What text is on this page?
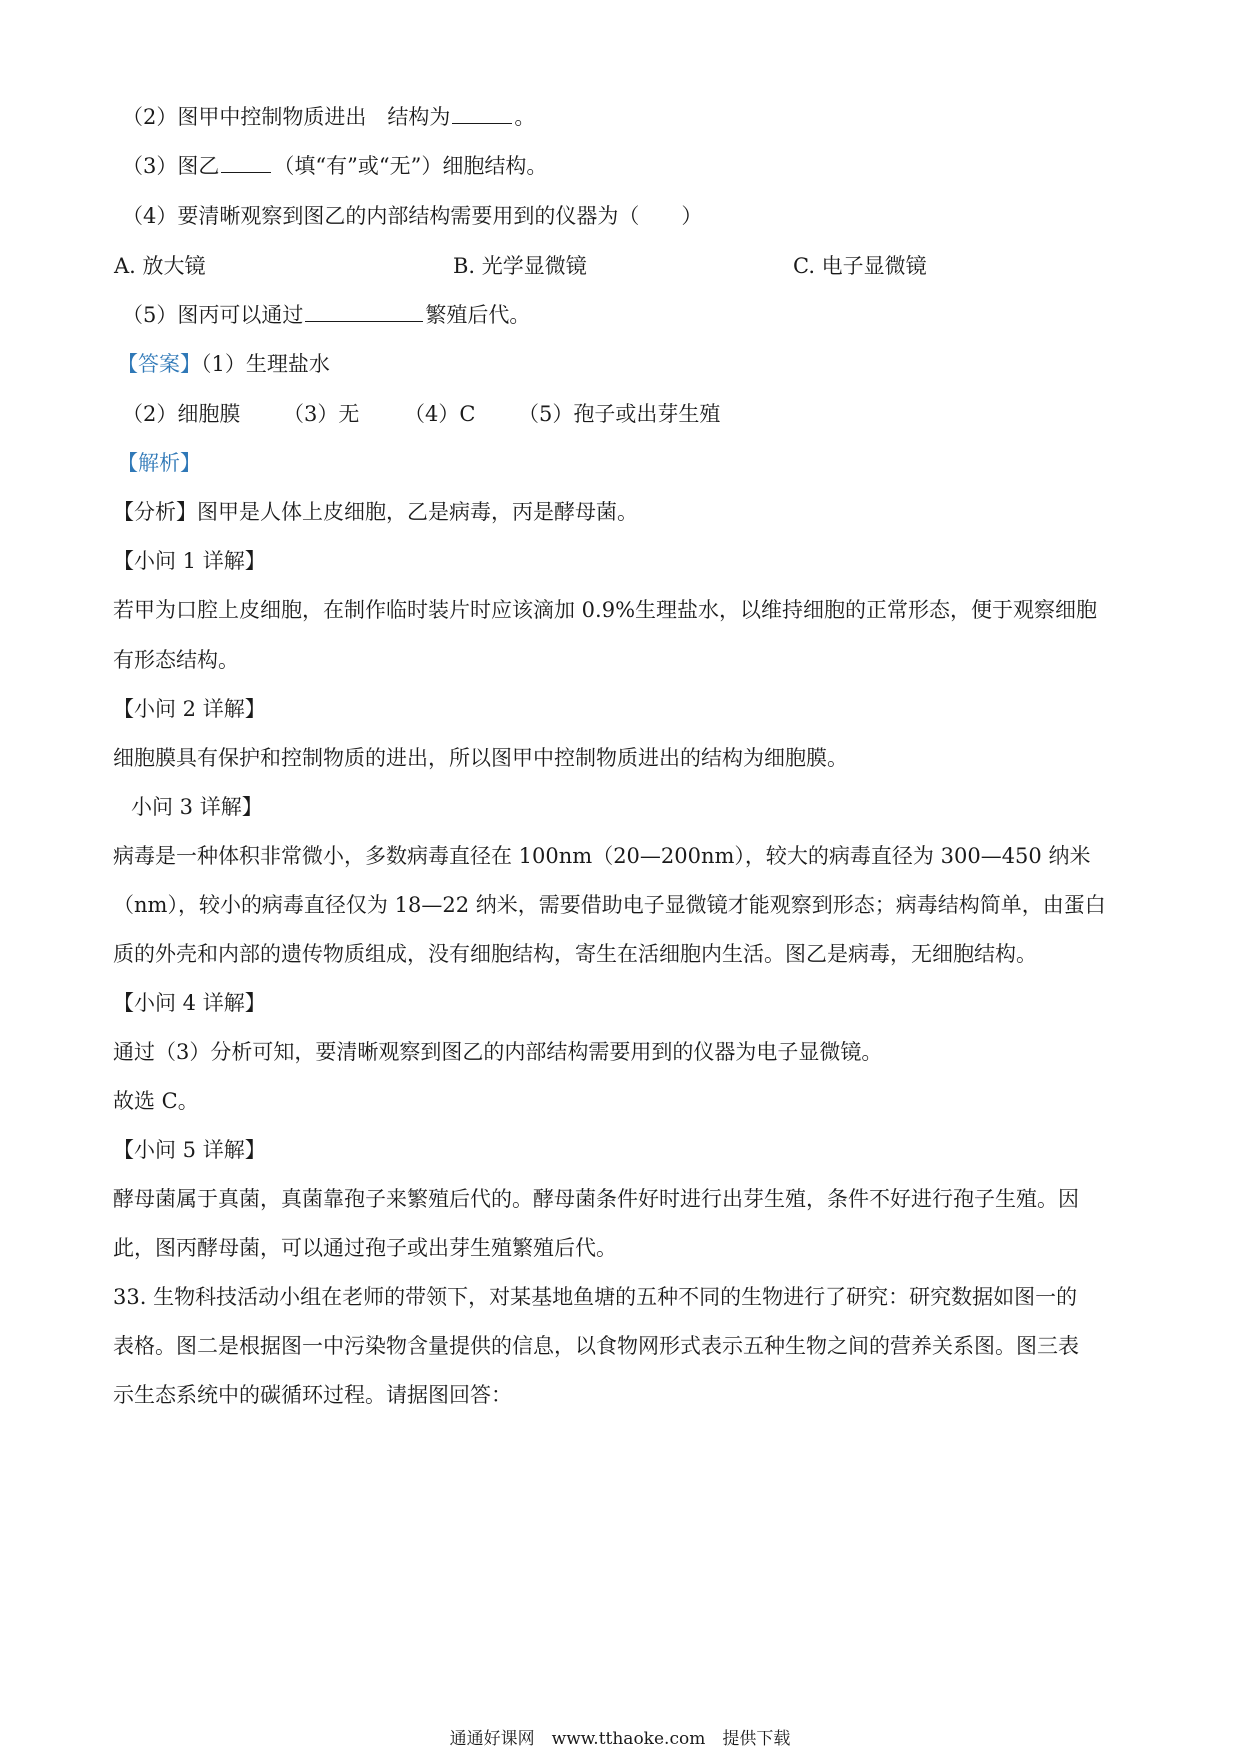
（2）图甲中控制物质进出　结构为	。
（3）图乙	（填“有”或“无”）细胞结构。
（4）要清晰观察到图乙的内部结构需要用到的仪器为（　　）
A. 放大镜	B. 光学显微镜	C. 电子显微镜
（5）图丙可以通过	繁殖后代。
【答案】（1）生理盐水
（2）细胞膜 （3）无 （4）C （5）孢子或出芽生殖
【解析】
【分析】图甲是人体上皮细胞，乙是病毒，丙是酵母菌。
【小问 1 详解】
若甲为口腔上皮细胞，在制作临时装片时应该滴加 0.9%生理盐水，以维持细胞的正常形态，便于观察细胞
有形态结构。
【小问 2 详解】
细胞膜具有保护和控制物质的进出，所以图甲中控制物质进出的结构为细胞膜。
小问 3 详解】
病毒是一种体积非常微小，多数病毒直径在 100nm（20—200nm），较大的病毒直径为 300—450 纳米
（nm），较小的病毒直径仅为 18—22 纳米，需要借助电子显微镜才能观察到形态；病毒结构简单，由蛋白
质的外壳和内部的遗传物质组成，没有细胞结构，寄生在活细胞内生活。图乙是病毒，无细胞结构。
【小问 4 详解】
通过（3）分析可知，要清晰观察到图乙的内部结构需要用到的仪器为电子显微镜。
故选 C。
【小问 5 详解】
酵母菌属于真菌，真菌靠孢子来繁殖后代的。酵母菌条件好时进行出芽生殖，条件不好进行孢子生殖。因
此，图丙酵母菌，可以通过孢子或出芽生殖繁殖后代。
33. 生物科技活动小组在老师的带领下，对某基地鱼塘的五种不同的生物进行了研究：研究数据如图一的
表格。图二是根据图一中污染物含量提供的信息，以食物网形式表示五种生物之间的营养关系图。图三表
示生态系统中的碳循环过程。请据图回答：
通通好课网　www.tthaoke.com　提供下载
